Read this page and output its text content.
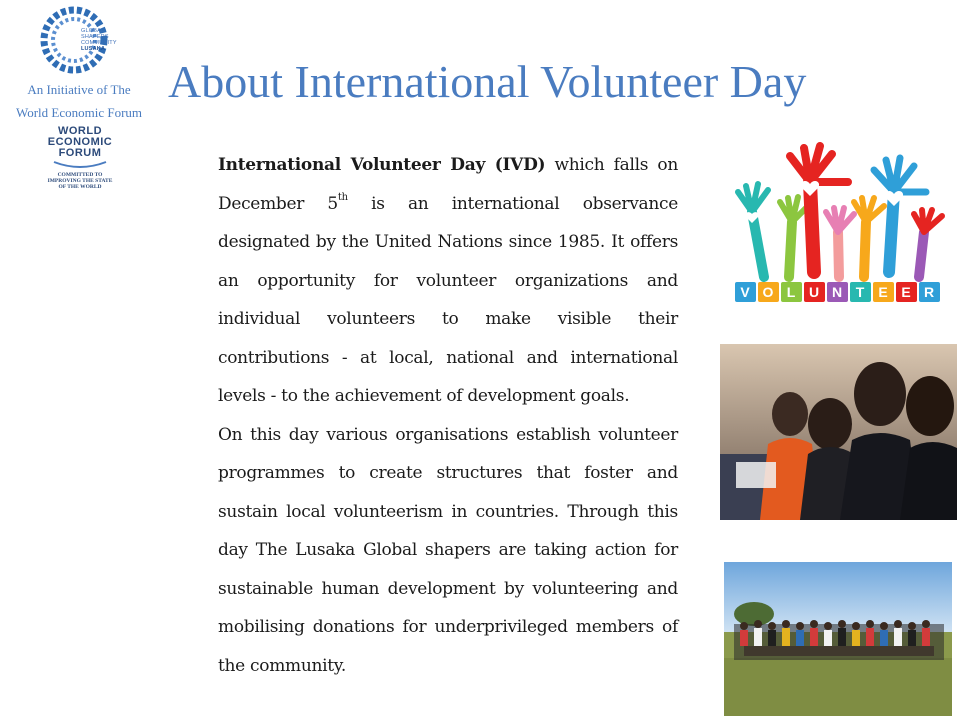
GLOBAL
SHAPERS
COMMUNITY
LUSAKA
An Initiative of The
World Economic Forum
WORLD
ECONOMIC
FORUM
COMMITTED TO
IMPROVING THE STATE
OF THE WORLD
About International Volunteer Day

International Volunteer Day (IVD) which falls on December 5th is an international observance designated by the United Nations since 1985. It offers an opportunity for volunteer organizations and individual volunteers to make visible their contributions - at local, national and international levels - to the achievement of development goals.

On this day various organisations establish volunteer programmes to create structures that foster and sustain local volunteerism in countries. Through this day The Lusaka Global shapers are taking action for sustainable human development by volunteering and mobilising donations for underprivileged members of the community.

V O L U N T	E E R
